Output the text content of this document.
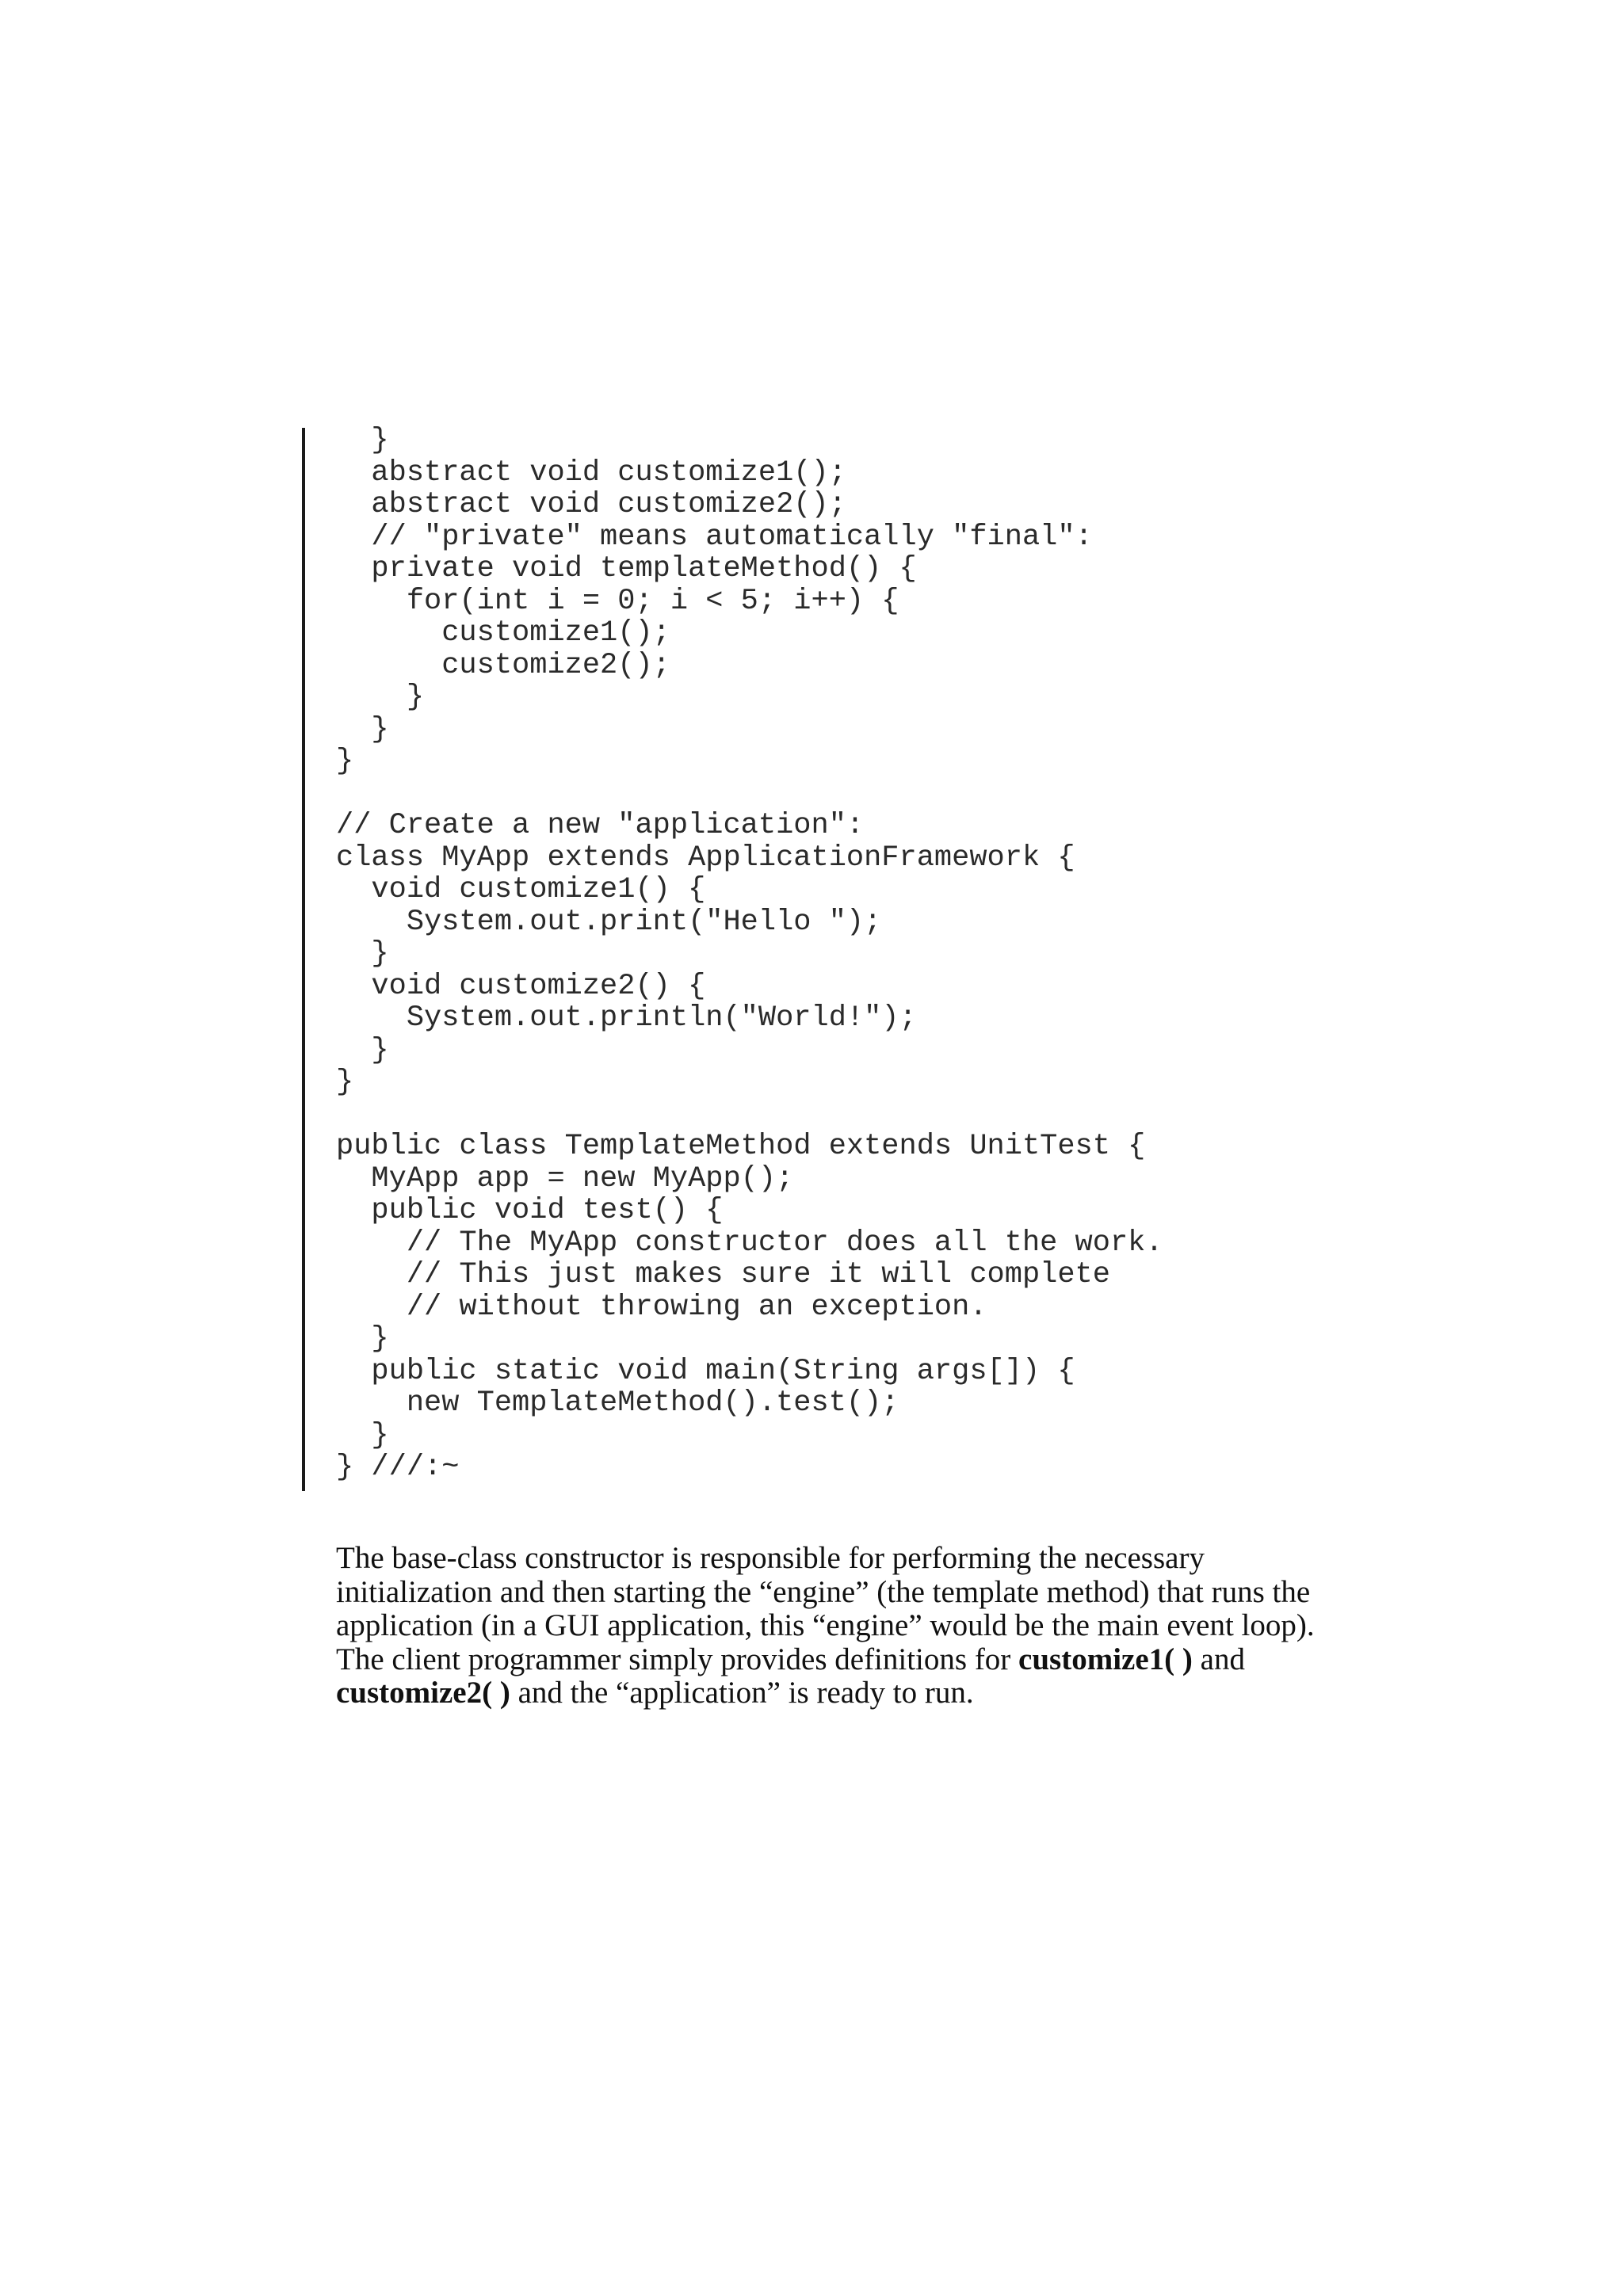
}
abstract void customize1();
abstract void customize2();
// "private" means automatically "final":
private void templateMethod() {
for(int i = 0; i < 5; i++) {
customize1();
customize2();
}
}
}
// Create a new "application":
class MyApp extends ApplicationFramework {
void customize1() {
System.out.print("Hello ");
}
void customize2() {
System.out.println("World!");
}
}
public class TemplateMethod extends UnitTest {
MyApp app = new MyApp();
public void test() {
// The MyApp constructor does all the work.
// This just makes sure it will complete
// without throwing an exception.
}
public static void main(String args[]) {
new TemplateMethod().test();
}
} ///:~

The base-class constructor is responsible for performing the necessary initialization and then starting the “engine” (the template method) that runs the application (in a GUI application, this “engine” would be the main event loop). The client programmer simply provides definitions for customize1( ) and customize2( ) and the “application” is ready to run.
